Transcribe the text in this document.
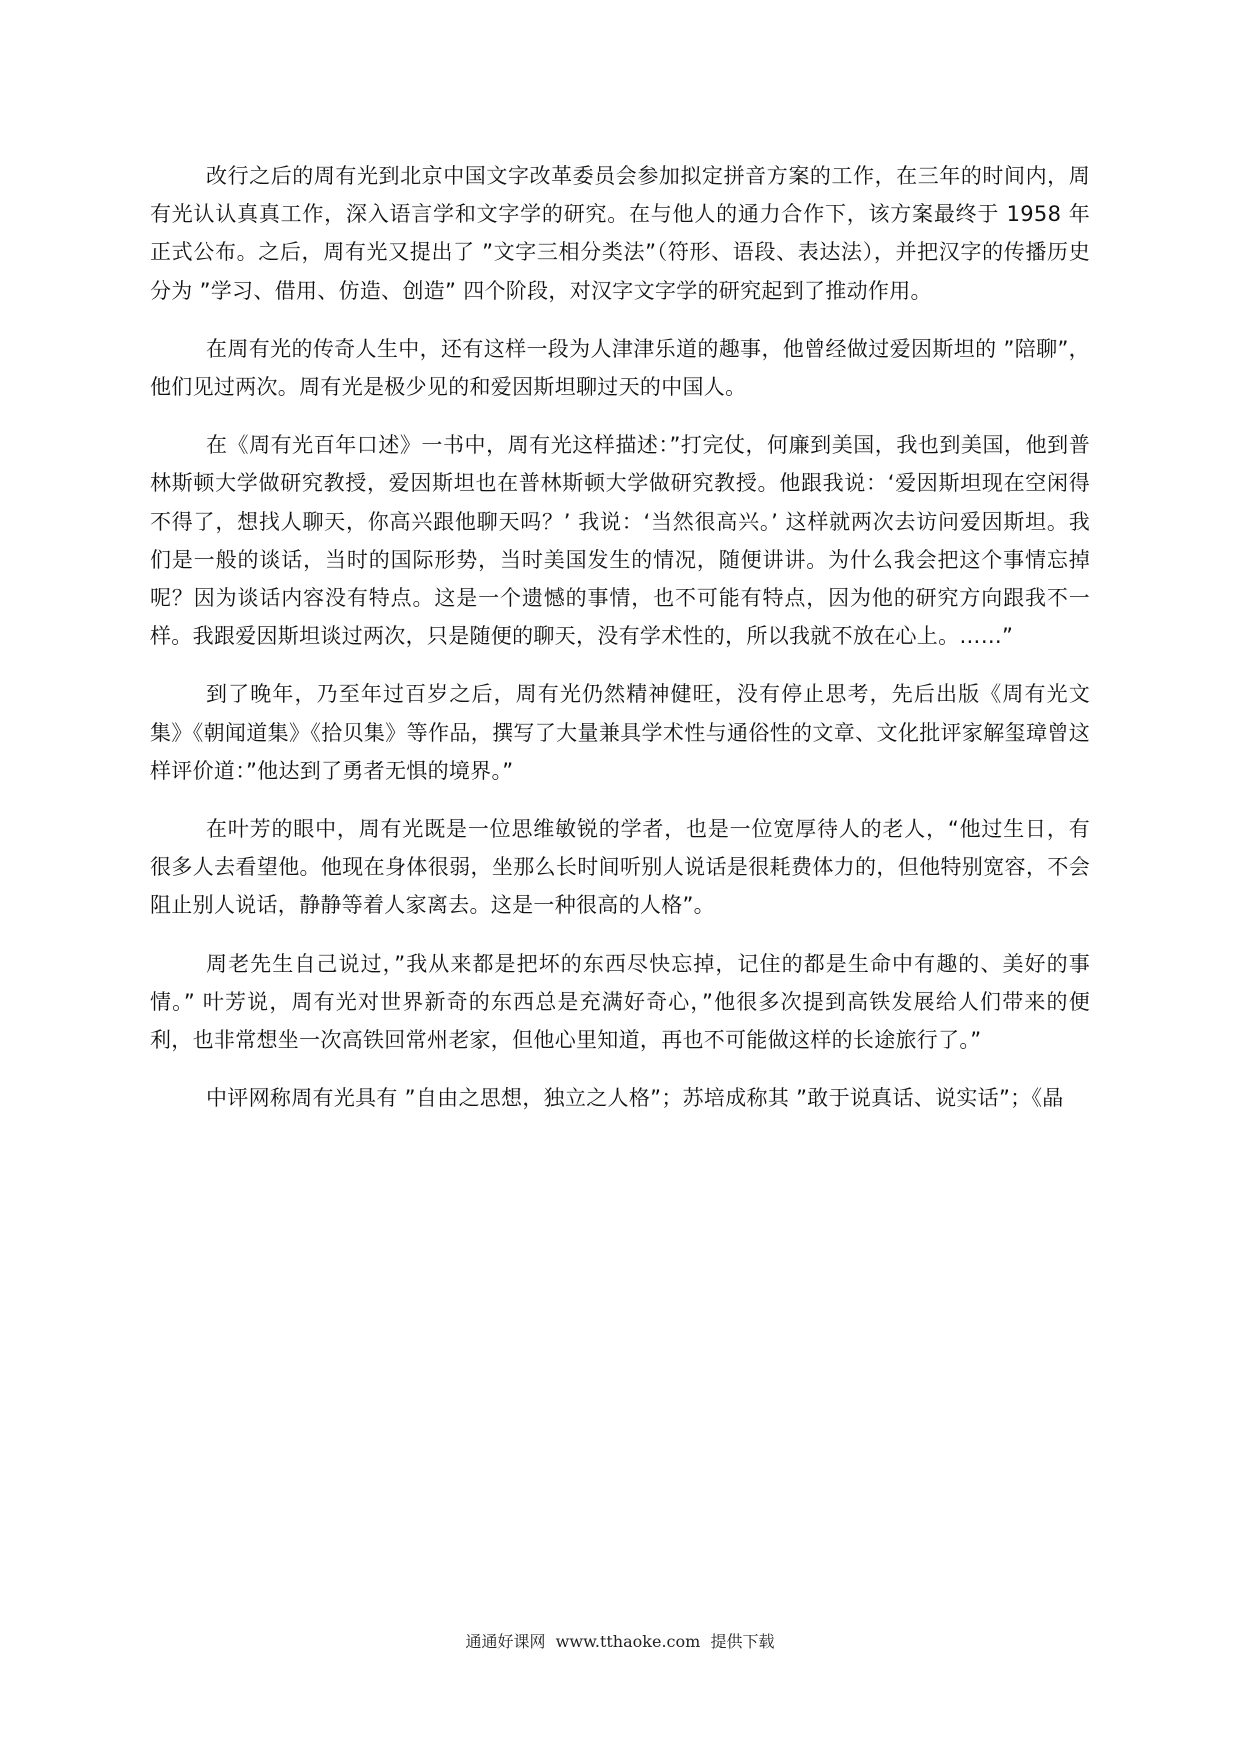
改行之后的周有光到北京中国文字改革委员会参加拟定拼音方案的工作，在三年的时间内，周有光认认真真工作，深入语言学和文字学的研究。在与他人的通力合作下，该方案最终于 1958 年正式公布。之后，周有光又提出了 ”文字三相分类法”（符形、语段、表达法），并把汉字的传播历史分为 ”学习、借用、仿造、创造” 四个阶段，对汉字文字学的研究起到了推动作用。

在周有光的传奇人生中，还有这样一段为人津津乐道的趣事，他曾经做过爱因斯坦的 ”陪聊”，他们见过两次。周有光是极少见的和爱因斯坦聊过天的中国人。

在《周有光百年口述》一书中，周有光这样描述：”打完仗，何廉到美国，我也到美国，他到普林斯顿大学做研究教授，爱因斯坦也在普林斯顿大学做研究教授。他跟我说：‘爱因斯坦现在空闲得不得了，想找人聊天，你高兴跟他聊天吗？’ 我说：‘当然很高兴。’ 这样就两次去访问爱因斯坦。我们是一般的谈话，当时的国际形势，当时美国发生的情况，随便讲讲。为什么我会把这个事情忘掉呢？因为谈话内容没有特点。这是一个遗憾的事情，也不可能有特点，因为他的研究方向跟我不一样。我跟爱因斯坦谈过两次，只是随便的聊天，没有学术性的，所以我就不放在心上。……”

到了晚年，乃至年过百岁之后，周有光仍然精神健旺，没有停止思考，先后出版《周有光文集》《朝闻道集》《拾贝集》等作品，撰写了大量兼具学术性与通俗性的文章、文化批评家解玺璋曾这样评价道：”他达到了勇者无惧的境界。”

在叶芳的眼中，周有光既是一位思维敏锐的学者，也是一位宽厚待人的老人，“他过生日，有很多人去看望他。他现在身体很弱，坐那么长时间听别人说话是很耗费体力的，但他特别宽容，不会阻止别人说话，静静等着人家离去。这是一种很高的人格”。

周老先生自己说过，”我从来都是把坏的东西尽快忘掉，记住的都是生命中有趣的、美好的事情。” 叶芳说，周有光对世界新奇的东西总是充满好奇心，”他很多次提到高铁发展给人们带来的便利，也非常想坐一次高铁回常州老家，但他心里知道，再也不可能做这样的长途旅行了。”

中评网称周有光具有 ”自由之思想，独立之人格”；苏培成称其 ”敢于说真话、说实话”；《晶

通通好课网  www.tthaoke.com  提供下载
